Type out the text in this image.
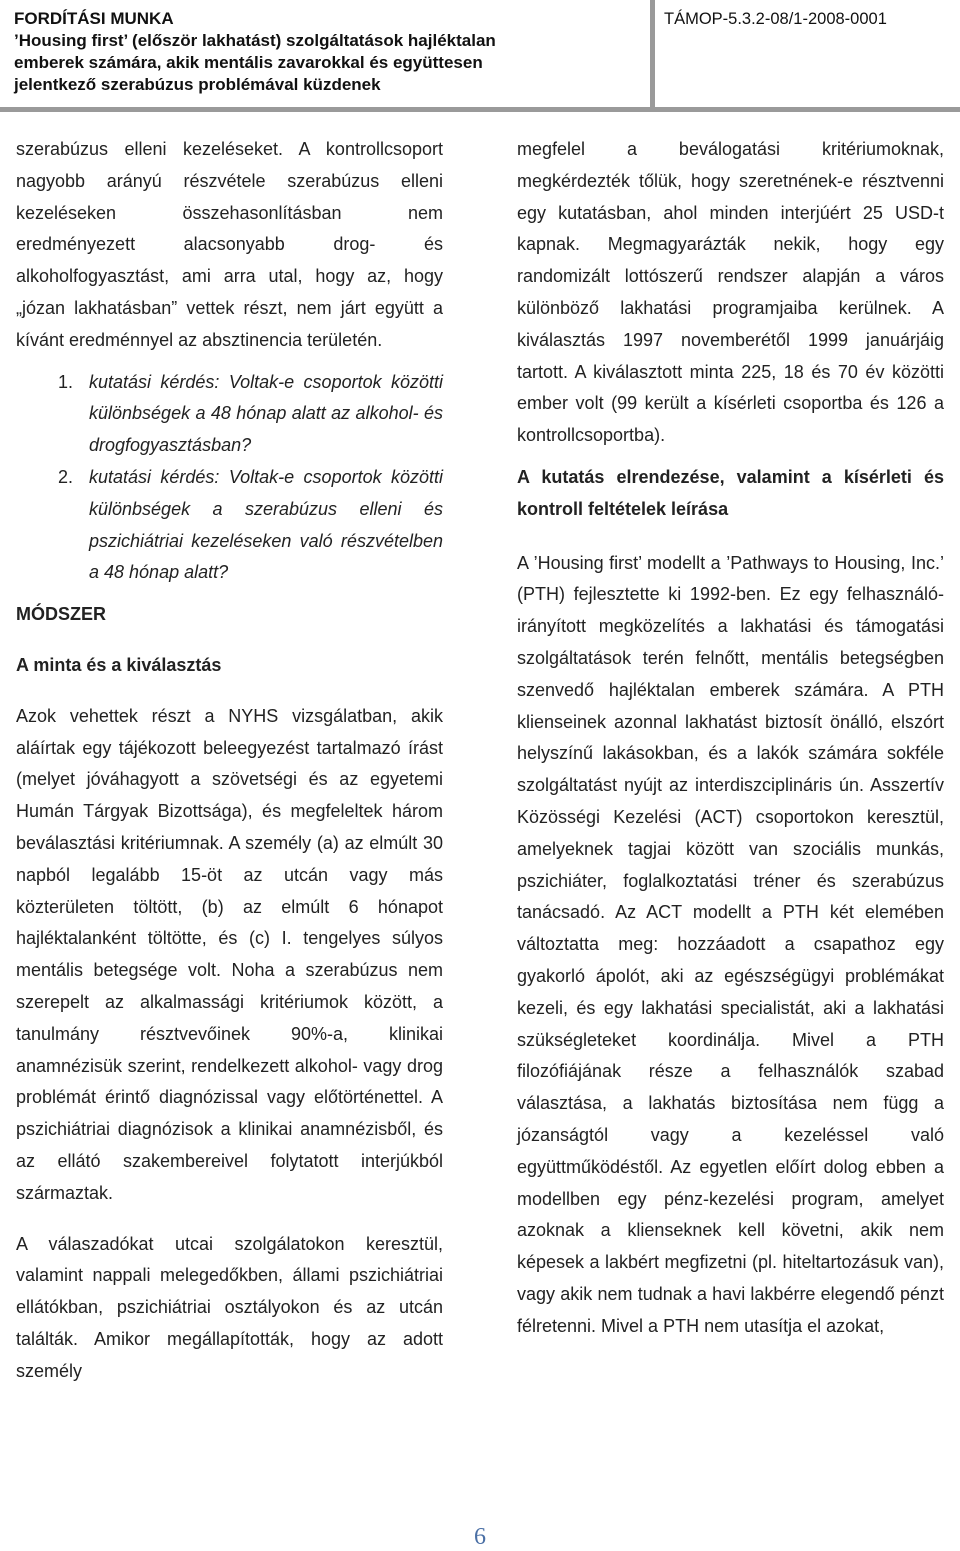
FORDÍTÁSI MUNKA
’Housing first’ (először lakhatást) szolgáltatások hajléktalan
emberek számára, akik mentális zavarokkal és együttesen
jelentkező szerabúzus problémával küzdenek
TÁMOP-5.3.2-08/1-2008-0001

szerabúzus elleni kezeléseket. A kontrollcsoport nagyobb arányú részvétele szerabúzus elleni kezeléseken összehasonlításban nem eredményezett alacsonyabb drog- és alkoholfogyasztást, ami arra utal, hogy az, hogy „józan lakhatásban” vettek részt, nem járt együtt a kívánt eredménnyel az absztinencia területén.

1. kutatási kérdés: Voltak-e csoportok közötti különbségek a 48 hónap alatt az alkohol- és drogfogyasztásban?
2. kutatási kérdés: Voltak-e csoportok közötti különbségek a szerabúzus elleni és pszichiátriai kezeléseken való részvételben a 48 hónap alatt?

MÓDSZER

A minta és a kiválasztás

Azok vehettek részt a NYHS vizsgálatban, akik aláírtak egy tájékozott beleegyezést tartalmazó írást (melyet jóváhagyott a szövetségi és az egyetemi Humán Tárgyak Bizottsága), és megfeleltek három beválasztási kritériumnak. A személy (a) az elmúlt 30 napból legalább 15-öt az utcán vagy más közterületen töltött, (b) az elmúlt 6 hónapot hajléktalanként töltötte, és (c) I. tengelyes súlyos mentális betegsége volt. Noha a szerabúzus nem szerepelt az alkalmassági kritériumok között, a tanulmány résztvevőinek 90%-a, klinikai anamnézisük szerint, rendelkezett alkohol- vagy drog problémát érintő diagnózissal vagy előtörténettel. A pszichiátriai diagnózisok a klinikai anamnézisből, és az ellátó szakembereivel folytatott interjúkból származtak.

A válaszadókat utcai szolgálatokon keresztül, valamint nappali melegedőkben, állami pszichiátriai ellátókban, pszichiátriai osztályokon és az utcán találták. Amikor megállapították, hogy az adott személy

megfelel a beválogatási kritériumoknak, megkérdezték tőlük, hogy szeretnének-e résztvenni egy kutatásban, ahol minden interjúért 25 USD-t kapnak. Megmagyarázták nekik, hogy egy randomizált lottószerű rendszer alapján a város különböző lakhatási programjaiba kerülnek. A kiválasztás 1997 novemberétől 1999 januárjáig tartott. A kiválasztott minta 225, 18 és 70 év közötti ember volt (99 került a kísérleti csoportba és 126 a kontrollcsoportba).

A kutatás elrendezése, valamint a kísérleti és kontroll feltételek leírása

A ’Housing first’ modellt a ’Pathways to Housing, Inc.’ (PTH) fejlesztette ki 1992-ben. Ez egy felhasználó-irányított megközelítés a lakhatási és támogatási szolgáltatások terén felnőtt, mentális betegségben szenvedő hajléktalan emberek számára. A PTH klienseinek azonnal lakhatást biztosít önálló, elszórt helyszínű lakásokban, és a lakók számára sokféle szolgáltatást nyújt az interdiszciplináris ún. Asszertív Közösségi Kezelési (ACT) csoportokon keresztül, amelyeknek tagjai között van szociális munkás, pszichiáter, foglalkoztatási tréner és szerabúzus tanácsadó. Az ACT modellt a PTH két elemében változtatta meg: hozzáadott a csapathoz egy gyakorló ápolót, aki az egészségügyi problémákat kezeli, és egy lakhatási specialistát, aki a lakhatási szükségleteket koordinálja. Mivel a PTH filozófiájának része a felhasználók szabad választása, a lakhatás biztosítása nem függ a józanságtól vagy a kezeléssel való együttműködéstől. Az egyetlen előírt dolog ebben a modellben egy pénz-kezelési program, amelyet azoknak a klienseknek kell követni, akik nem képesek a lakbért megfizetni (pl. hiteltartozásuk van), vagy akik nem tudnak a havi lakbérre elegendő pénzt félretenni. Mivel a PTH nem utasítja el azokat,

6
